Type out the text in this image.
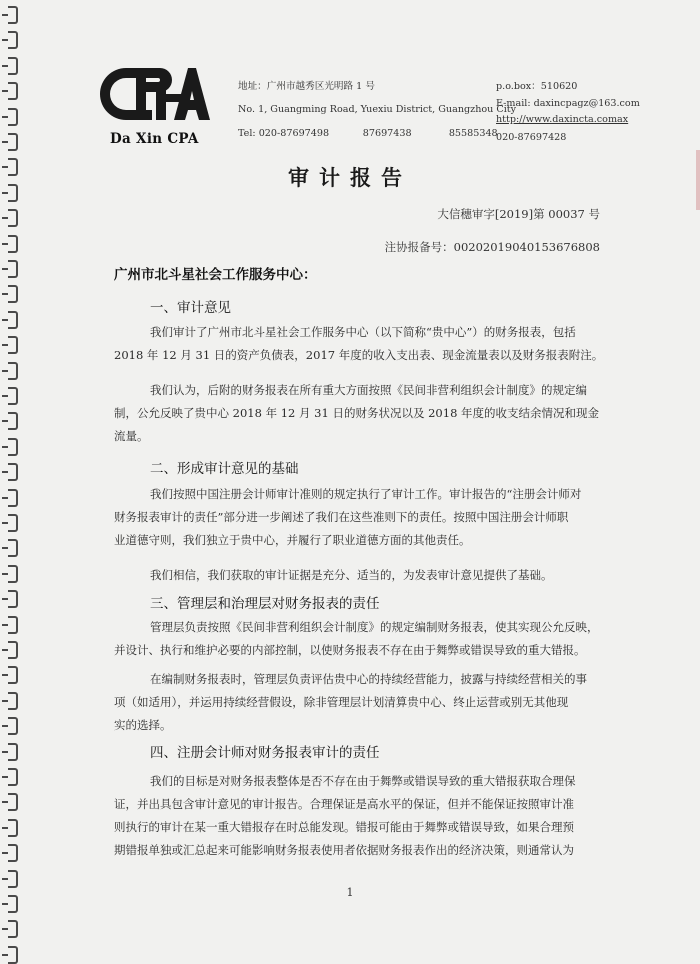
Da Xin CPA
地址：广州市越秀区光明路 1 号
No. 1, Guangming Road, Yuexiu District, Guangzhou City
Tel: 020-87697498	87697438	85585348
p.o.box：510620
E-mail: daxincpagz@163.com
http://www.daxincta.comax
020-87697428
审计报告
大信穗审字[2019]第 00037 号
注协报备号：00202019040153676808
广州市北斗星社会工作服务中心：
一、审计意见
我们审计了广州市北斗星社会工作服务中心（以下简称“贵中心”）的财务报表，包括
2018 年 12 月 31 日的资产负债表，2017 年度的收入支出表、现金流量表以及财务报表附注。
我们认为，后附的财务报表在所有重大方面按照《民间非营利组织会计制度》的规定编
制，公允反映了贵中心 2018 年 12 月 31 日的财务状况以及 2018 年度的收支结余情况和现金
流量。
二、形成审计意见的基础
我们按照中国注册会计师审计准则的规定执行了审计工作。审计报告的“注册会计师对
财务报表审计的责任”部分进一步阐述了我们在这些准则下的责任。按照中国注册会计师职
业道德守则，我们独立于贵中心，并履行了职业道德方面的其他责任。
我们相信，我们获取的审计证据是充分、适当的，为发表审计意见提供了基础。
三、管理层和治理层对财务报表的责任
管理层负责按照《民间非营利组织会计制度》的规定编制财务报表，使其实现公允反映，
并设计、执行和维护必要的内部控制，以使财务报表不存在由于舞弊或错误导致的重大错报。
在编制财务报表时，管理层负责评估贵中心的持续经营能力，披露与持续经营相关的事
项（如适用），并运用持续经营假设，除非管理层计划清算贵中心、终止运营或别无其他现
实的选择。
四、注册会计师对财务报表审计的责任
我们的目标是对财务报表整体是否不存在由于舞弊或错误导致的重大错报获取合理保
证，并出具包含审计意见的审计报告。合理保证是高水平的保证，但并不能保证按照审计准
则执行的审计在某一重大错报存在时总能发现。错报可能由于舞弊或错误导致，如果合理预
期错报单独或汇总起来可能影响财务报表使用者依据财务报表作出的经济决策，则通常认为
1
